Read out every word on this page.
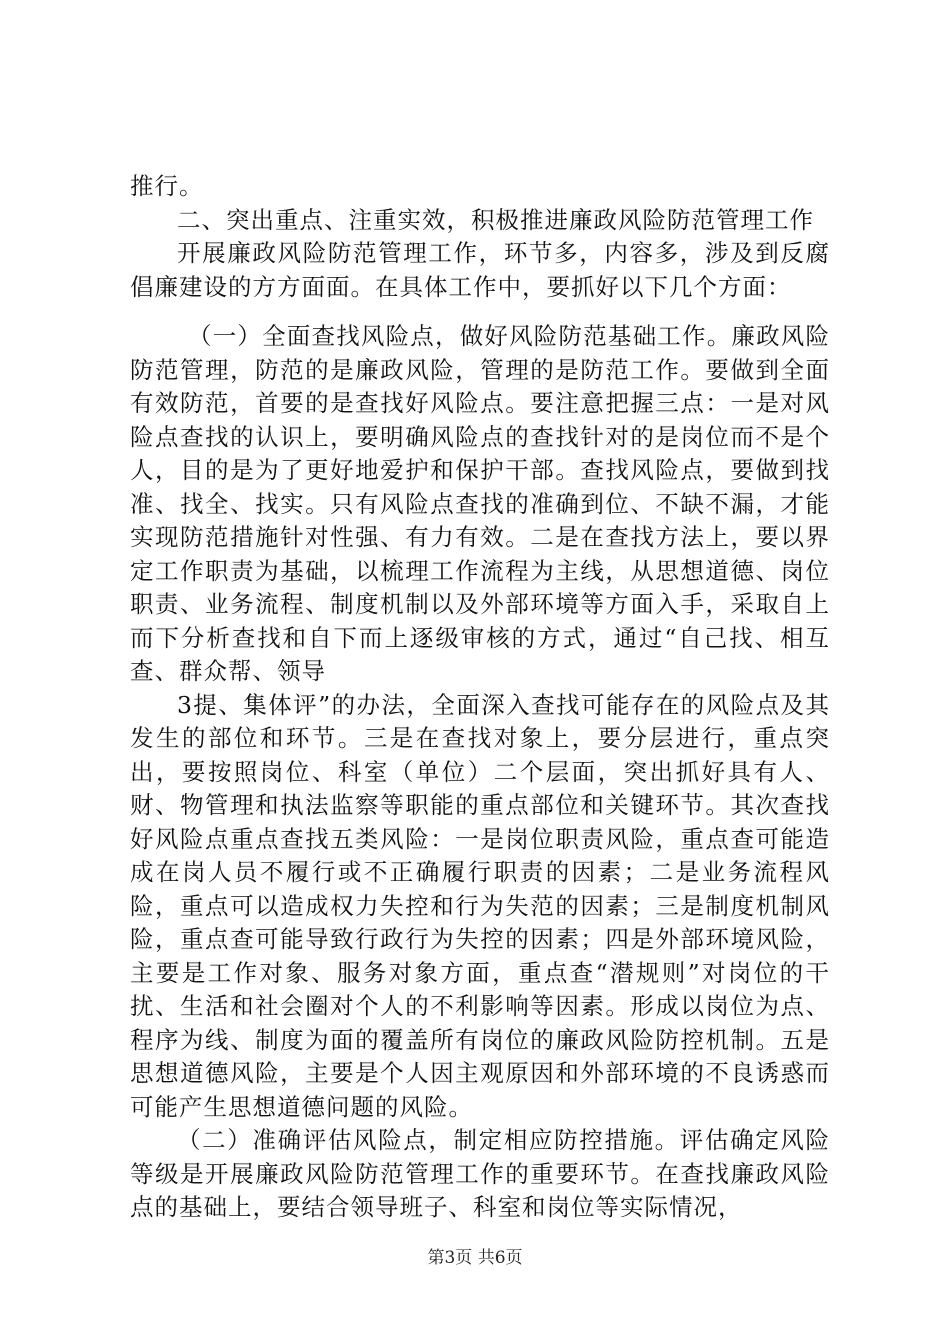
推行。

二、突出重点、注重实效，积极推进廉政风险防范管理工作

开展廉政风险防范管理工作，环节多，内容多，涉及到反腐倡廉建设的方方面面。在具体工作中，要抓好以下几个方面：

（一）全面查找风险点，做好风险防范基础工作。廉政风险防范管理，防范的是廉政风险，管理的是防范工作。要做到全面有效防范，首要的是查找好风险点。要注意把握三点：一是对风险点查找的认识上，要明确风险点的查找针对的是岗位而不是个人，目的是为了更好地爱护和保护干部。查找风险点，要做到找准、找全、找实。只有风险点查找的准确到位、不缺不漏，才能实现防范措施针对性强、有力有效。二是在查找方法上，要以界定工作职责为基础，以梳理工作流程为主线，从思想道德、岗位职责、业务流程、制度机制以及外部环境等方面入手，采取自上而下分析查找和自下而上逐级审核的方式，通过“自己找、相互查、群众帮、领导

3提、集体评”的办法，全面深入查找可能存在的风险点及其发生的部位和环节。三是在查找对象上，要分层进行，重点突出，要按照岗位、科室（单位）二个层面，突出抓好具有人、财、物管理和执法监察等职能的重点部位和关键环节。其次查找好风险点重点查找五类风险：一是岗位职责风险，重点查可能造成在岗人员不履行或不正确履行职责的因素；二是业务流程风险，重点可以造成权力失控和行为失范的因素；三是制度机制风险，重点查可能导致行政行为失控的因素；四是外部环境风险，主要是工作对象、服务对象方面，重点查“潜规则”对岗位的干扰、生活和社会圈对个人的不利影响等因素。形成以岗位为点、程序为线、制度为面的覆盖所有岗位的廉政风险防控机制。五是思想道德风险，主要是个人因主观原因和外部环境的不良诱惑而可能产生思想道德问题的风险。

（二）准确评估风险点，制定相应防控措施。评估确定风险等级是开展廉政风险防范管理工作的重要环节。在查找廉政风险点的基础上，要结合领导班子、科室和岗位等实际情况，

第3页 共6页
